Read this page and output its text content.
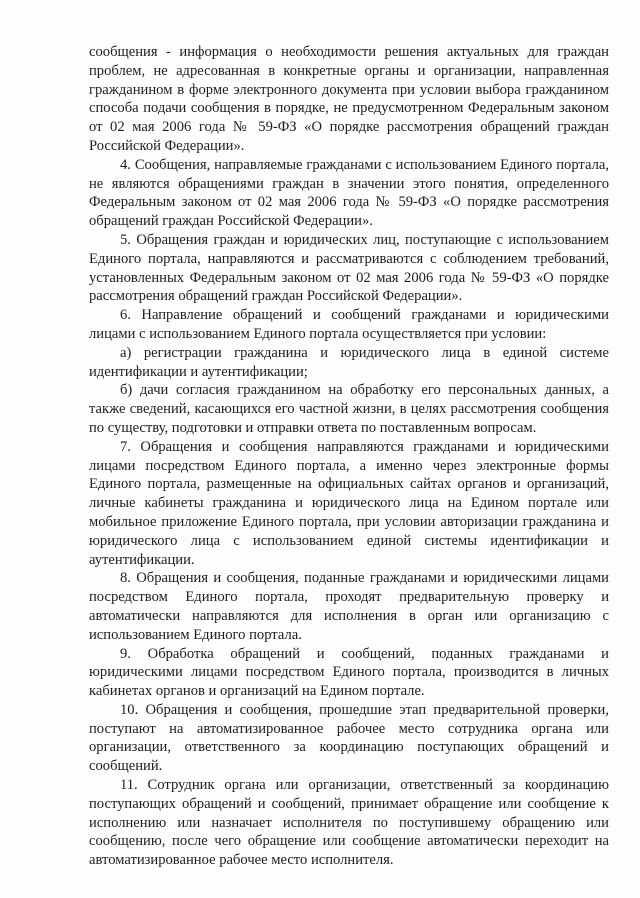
сообщения - информация о необходимости решения актуальных для граждан проблем, не адресованная в конкретные органы и организации, направленная гражданином в форме электронного документа при условии выбора гражданином способа подачи сообщения в порядке, не предусмотренном Федеральным законом от 02 мая 2006 года № 59-ФЗ «О порядке рассмотрения обращений граждан Российской Федерации».

4. Сообщения, направляемые гражданами с использованием Единого портала, не являются обращениями граждан в значении этого понятия, определенного Федеральным законом от 02 мая 2006 года № 59-ФЗ «О порядке рассмотрения обращений граждан Российской Федерации».

5. Обращения граждан и юридических лиц, поступающие с использованием Единого портала, направляются и рассматриваются с соблюдением требований, установленных Федеральным законом от 02 мая 2006 года № 59-ФЗ «О порядке рассмотрения обращений граждан Российской Федерации».

6. Направление обращений и сообщений гражданами и юридическими лицами с использованием Единого портала осуществляется при условии:

а) регистрации гражданина и юридического лица в единой системе идентификации и аутентификации;

б) дачи согласия гражданином на обработку его персональных данных, а также сведений, касающихся его частной жизни, в целях рассмотрения сообщения по существу, подготовки и отправки ответа по поставленным вопросам.

7. Обращения и сообщения направляются гражданами и юридическими лицами посредством Единого портала, а именно через электронные формы Единого портала, размещенные на официальных сайтах органов и организаций, личные кабинеты гражданина и юридического лица на Едином портале или мобильное приложение Единого портала, при условии авторизации гражданина и юридического лица с использованием единой системы идентификации и аутентификации.

8. Обращения и сообщения, поданные гражданами и юридическими лицами посредством Единого портала, проходят предварительную проверку и автоматически направляются для исполнения в орган или организацию с использованием Единого портала.

9. Обработка обращений и сообщений, поданных гражданами и юридическими лицами посредством Единого портала, производится в личных кабинетах органов и организаций на Едином портале.

10. Обращения и сообщения, прошедшие этап предварительной проверки, поступают на автоматизированное рабочее место сотрудника органа или организации, ответственного за координацию поступающих обращений и сообщений.

11. Сотрудник органа или организации, ответственный за координацию поступающих обращений и сообщений, принимает обращение или сообщение к исполнению или назначает исполнителя по поступившему обращению или сообщению, после чего обращение или сообщение автоматически переходит на автоматизированное рабочее место исполнителя.
